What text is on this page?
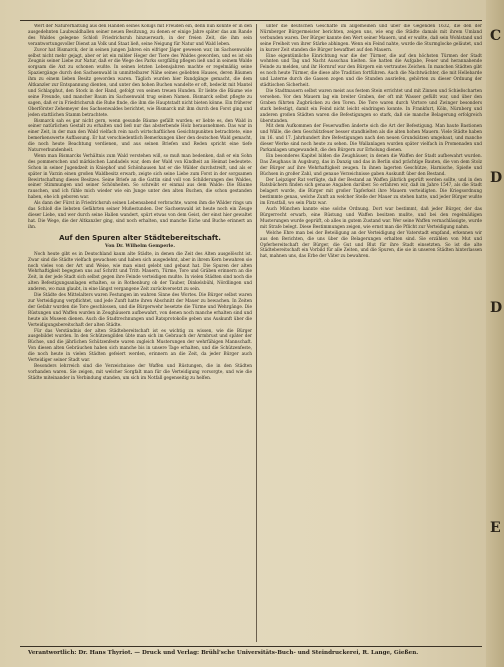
Wert der Naturerhaltung aus den Händen seines Königs mit Freuden ein, denn nun konnte er in den ausgedehnten Laubwaldhallen seiner neuen Besitzung, zu denen er einige Jahre später das am Rande des Waldes gelegene Schloß Friedrichsruh hinzuerwarb, in der freien Zeit, die ihm sein verantwortungsvoller Dienst an Volk und Staat ließ, seine Neigung für Natur und Wald leben.

Zuvor hat Bismarck, der in seinen jungen Jahren ein eifriger Jäger gewesen war, im Sachsenwalde selbst nicht mehr gejagt, aber er ist ein milder Heger der Tiere des Waldes geworden, und es ist ein Zeugnis seiner Liebe zur Natur, daß er die Wege des Parks sorgfältig pflegen ließ und in seinem Walde sorgsam die Axt zu schonen wußte. In seinen letzten Lebensjahren machte er regelmäßig seine Spaziergänge durch den Sachsenwald in unmittelbarer Nähe seines geliebten Hauses, deren Bäumen ihm zu einem lieben Besitz geworden waren. Täglich wurden hier Rundgänge gemacht, die dem Altkanzler zur Entspannung dienten, und unter den hohen Buchen wandelte er oft, bedeckt mit Mantel und Schlapphut, den Stock in der Hand, gefolgt von seinen treuen Hunden. Er liebte die Bäume wie seine Freunde, und mancher Baum im Sachsenwald trug seinen Namen. Bismarck selbst pflegte zu sagen, daß er in Friedrichsruh die Ruhe finde, die ihm die Hauptstadt nicht bieten könne. Ein früherer Oberförster Zehemeyer des Sachsenwaldes berichtet, wie Bismarck mit ihm durch den Forst ging und jeden stattlichen Stamm betrachtete.

Bismarck sah es gar nicht gern, wenn gesunde Bäume gefällt wurden; er liebte es, den Wald in seiner natürlichen Gestalt zu erhalten und ließ nur das absterbende Holz herausnehmen. Das war in einer Zeit, in der man den Wald vielfach rein nach wirtschaftlichen Gesichtspunkten betrachtete, eine bemerkenswerte Auffassung. Er hat verschiedentlich Bemerkungen über den deutschen Wald gemacht, die noch heute Beachtung verdienen, und aus seinen Briefen und Reden spricht eine tiefe Naturverbundenheit.

Wenn man Bismarcks Verhältnis zum Wald verstehen will, so muß man bedenken, daß er ein Sohn des pommerschen und märkischen Landadels war, dem der Wald von Kindheit an Heimat bedeutete. Schon in seiner Jugendzeit in Kniephof und Schönhausen hat er die Wälder durchstreift, und als er später in Varzin einen großen Waldbesitz erwarb, zeigte sich seine Liebe zum Forst in der sorgsamen Bewirtschaftung dieses Besitzes. Seine Briefe an die Gattin sind voll von Schilderungen des Waldes, seiner Stimmungen und seiner Schönheiten. So schreibt er einmal aus dem Walde: Die Bäume rauschen, und ich fühle mich wieder wie ein Junge unter den alten Buchen, die schon gestanden haben, ehe ich geboren war.

Als dann der Fürst in Friedrichsruh seinen Lebensabend verbrachte, waren ihm die Wälder rings um das Schloß die liebsten Gefährten seiner Mußestunden. Der Sachsenwald ist heute noch ein Zeuge dieser Liebe, und wer durch seine Hallen wandert, spürt etwas von dem Geist, der einst hier gewaltet hat. Die Wege, die der Altkanzler ging, sind noch erhalten, und manche Eiche und Buche erinnert an ihn.

Auf den Spuren alter Städtebereitschaft.
Von Dr. Wilhelm Gemperle.

Noch heute gibt es in Deutschland kaum alte Städte, in denen die Zeit des Alten ausgelöscht ist. Zwar sind die Städte vielfach gewachsen und haben sich ausgedehnt, aber in ihrem Kern bewahren sie noch vieles von der Art und Weise, wie man einst gelebt und gebaut hat. Die Spuren der alten Wehrhaftigkeit begegnen uns auf Schritt und Tritt: Mauern, Türme, Tore und Gräben erinnern an die Zeit, in der jede Stadt sich selbst gegen ihre Feinde verteidigen mußte. In vielen Städten sind noch die alten Befestigungsanlagen erhalten, so in Rothenburg ob der Tauber, Dinkelsbühl, Nördlingen und anderen, wo man glaubt, in eine längst vergangene Zeit zurückversetzt zu sein.

Die Städte des Mittelalters waren Festungen im wahren Sinne des Wortes. Die Bürger selbst waren zur Verteidigung verpflichtet, und jede Zunft hatte ihren Abschnitt der Mauer zu bewachen. In Zeiten der Gefahr wurden die Tore geschlossen, und die Bürgerwehr besetzte die Türme und Wehrgänge. Die Rüstungen und Waffen wurden in Zeughäusern aufbewahrt, von denen noch manche erhalten sind und heute als Museen dienen. Auch die Stadtrechnungen und Ratsprotokolle geben uns Auskunft über die Verteidigungsbereitschaft der alten Städte.

Für das Verständnis der alten Städtebereitschaft ist es wichtig zu wissen, wie die Bürger ausgebildet wurden. In den Schützengilden übte man sich im Gebrauch der Armbrust und später der Büchse, und die jährlichen Schützenfeste waren zugleich Musterungen der wehrfähigen Mannschaft. Von diesen alten Gebräuchen haben sich manche bis in unsere Tage erhalten, und die Schützenfeste, die noch heute in vielen Städten gefeiert werden, erinnern an die Zeit, da jeder Bürger auch Verteidiger seiner Stadt war.

Besonders lehrreich sind die Verzeichnisse der Waffen und Rüstungen, die in den Städten vorhanden waren. Sie zeigen, mit welcher Sorgfalt man für die Verteidigung vorsorgte, und wie die Städte miteinander in Verbindung standen, um sich im Notfall gegenseitig zu helfen.

unter die deutschen Geschäfte im allgemeinen und über die Gegenden 1632, die den der Nürnberger Bürgermeister berichten, zeigen uns, wie eng die Städte damals mit ihrem Umland verbunden waren. Der Bürger kannte den Wert seiner Mauern, und er wußte, daß sein Wohlstand und seine Freiheit von ihrer Stärke abhingen. Wenn ein Feind nahte, wurde die Sturmglocke geläutet, und in kurzer Zeit standen die Bürger bewaffnet auf den Mauern.

Eine eigentümliche Einrichtung war die der Türmer, die auf den höchsten Türmen der Stadt wohnten und Tag und Nacht Ausschau hielten. Sie hatten die Aufgabe, Feuer und herannahende Feinde zu melden, und ihr Hornruf war den Bürgern ein vertrautes Zeichen. In manchen Städten gibt es noch heute Türmer, die diese alte Tradition fortführen. Auch die Nachtwächter, die mit Hellebarde und Laterne durch die Gassen zogen und die Stunden ausriefen, gehörten zu dieser Ordnung der städtischen Sicherheit.

Die Stadtmauern selbst waren meist aus festem Stein errichtet und mit Zinnen und Schießscharten versehen. Vor den Mauern lag ein breiter Graben, der oft mit Wasser gefüllt war, und über den Graben führten Zugbrücken zu den Toren. Die Tore waren durch Vortore und Zwinger besonders stark befestigt, damit ein Feind nicht leicht eindringen konnte. In Frankfurt, Köln, Nürnberg und anderen großen Städten waren die Befestigungen so stark, daß sie manche Belagerung erfolgreich überstanden.

Mit dem Aufkommen der Feuerwaffen änderte sich die Art der Befestigung. Man baute Bastionen und Wälle, die dem Geschützfeuer besser standhielten als die alten hohen Mauern. Viele Städte haben im 16. und 17. Jahrhundert ihre Befestigungen nach den neuen Grundsätzen umgebaut, und manche dieser Werke sind noch heute zu sehen. Die Wallanlagen wurden später vielfach in Promenaden und Parkanlagen umgewandelt, die den Bürgern zur Erholung dienen.

Ein besonderes Kapitel bilden die Zeughäuser, in denen die Waffen der Stadt aufbewahrt wurden. Das Zeughaus in Augsburg, das in Danzig und das in Berlin sind prächtige Bauten, die von dem Stolz der Bürger auf ihre Wehrhaftigkeit zeugen. In ihnen lagerten Geschütze, Harnische, Spieße und Büchsen in großer Zahl, und genaue Verzeichnisse gaben Auskunft über den Bestand.

Der Leipziger Rat verfügte, daß der Bestand an Waffen jährlich geprüft werden sollte, und in den Ratsbüchern finden sich genaue Angaben darüber. So erfahren wir, daß im Jahre 1547, als die Stadt belagert wurde, die Bürger mit großer Tapferkeit ihre Mauern verteidigten. Die Kriegsordnung bestimmte genau, welche Zunft an welcher Stelle der Mauer zu stehen hatte, und jeder Bürger wußte im Ernstfall, wo sein Platz war.

Auch München kannte eine solche Ordnung. Dort war bestimmt, daß jeder Bürger, der das Bürgerrecht erwarb, eine Rüstung und Waffen besitzen mußte, und bei den regelmäßigen Musterungen wurde geprüft, ob alles in gutem Zustand war. Wer seine Waffen vernachlässigte, wurde mit Strafe belegt. Diese Bestimmungen zeigen, wie ernst man die Pflicht zur Verteidigung nahm.

Welche Ehre man bei der Beteiligung an der Verteidigung der Vaterstadt empfand, erkennen wir aus den Berichten, die uns über die Belagerungen erhalten sind. Sie erzählen von Mut und Opferbereitschaft der Bürger, die Gut und Blut für ihre Stadt einsetzten. So ist die alte Städtebereitschaft ein Vorbild für alle Zeiten, und die Spuren, die sie in unseren Städten hinterlassen hat, mahnen uns, das Erbe der Väter zu bewahren.

C
D
D
E
Verantwortlich: Dr. Hans Thyriot. — Druck und Verlag: Brühl'sche Universitäts-Buch- und Steindruckerei, R. Lange, Gießen.
